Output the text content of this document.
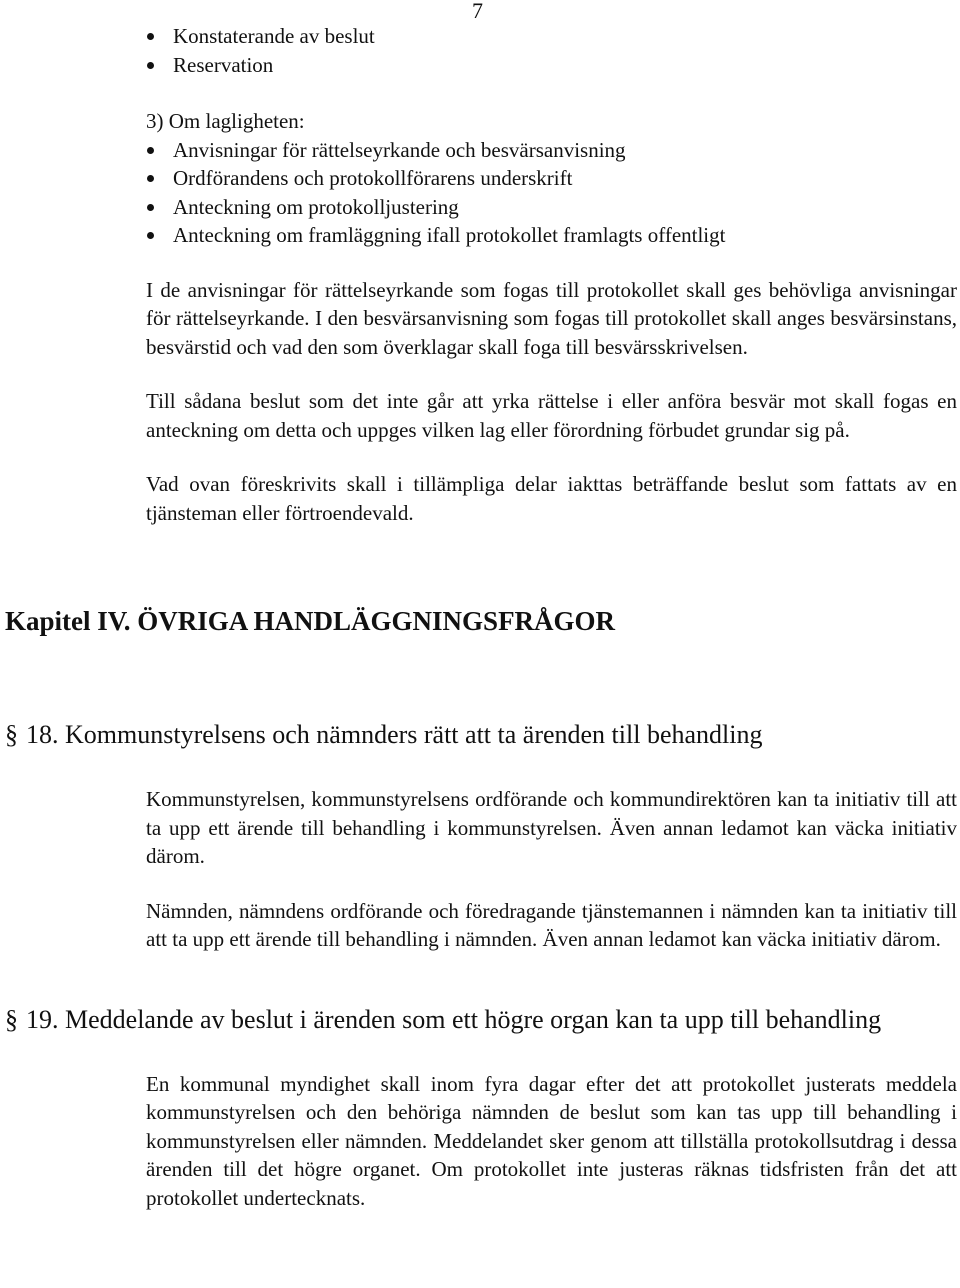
7
Konstaterande av beslut
Reservation

3) Om lagligheten:

Anvisningar för rättelseyrkande och besvärsanvisning
Ordförandens och protokollförarens underskrift
Anteckning om protokolljustering
Anteckning om framläggning ifall protokollet framlagts offentligt

I de anvisningar för rättelseyrkande som fogas till protokollet skall ges behövliga anvisningar för rättelseyrkande. I den besvärsanvisning som fogas till protokollet skall anges besvärsinstans, besvärstid och vad den som överklagar skall foga till besvärsskrivelsen.

Till sådana beslut som det inte går att yrka rättelse i eller anföra besvär mot skall fogas en anteckning om detta och uppges vilken lag eller förordning förbudet grundar sig på.

Vad ovan föreskrivits skall i tillämpliga delar iakttas beträffande beslut som fattats av en tjänsteman eller förtroendevald.

Kapitel IV. ÖVRIGA HANDLÄGGNINGSFRÅGOR
§ 18. Kommunstyrelsens och nämnders rätt att ta ärenden till behandling

Kommunstyrelsen, kommunstyrelsens ordförande och kommundirektören kan ta initiativ till att ta upp ett ärende till behandling i kommunstyrelsen. Även annan ledamot kan väcka initiativ därom.

Nämnden, nämndens ordförande och föredragande tjänstemannen i nämnden kan ta initiativ till att ta upp ett ärende till behandling i nämnden. Även annan ledamot kan väcka initiativ därom.

§ 19. Meddelande av beslut i ärenden som ett högre organ kan ta upp till behandling

En kommunal myndighet skall inom fyra dagar efter det att protokollet justerats meddela kommunstyrelsen och den behöriga nämnden de beslut som kan tas upp till behandling i kommunstyrelsen eller nämnden. Meddelandet sker genom att tillställa protokollsutdrag i dessa ärenden till det högre organet. Om protokollet inte justeras räknas tidsfristen från det att protokollet undertecknats.
